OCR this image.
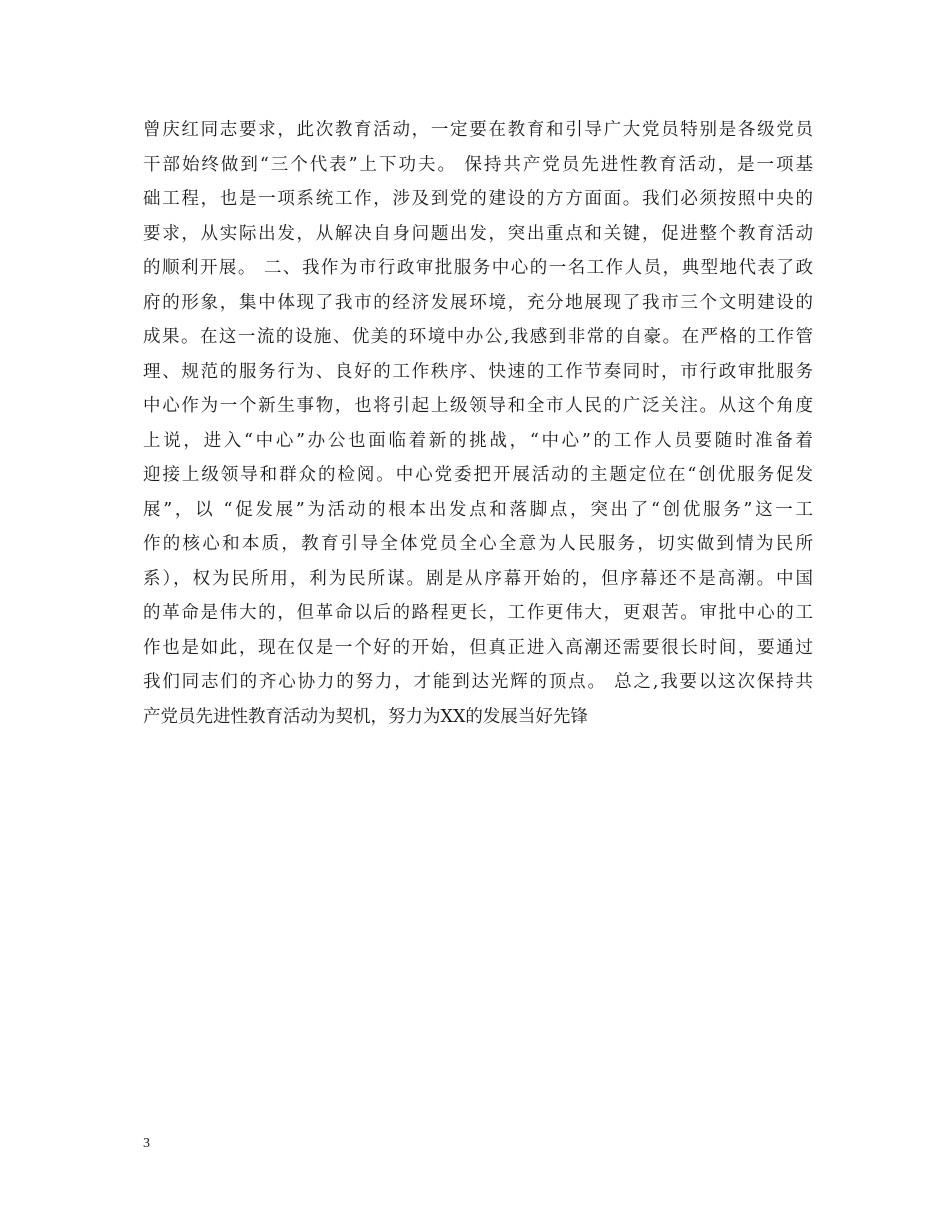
曾庆红同志要求，此次教育活动，一定要在教育和引导广大党员特别是各级党员
干部始终做到“三个代表”上下功夫。 保持共产党员先进性教育活动，是一项基
础工程，也是一项系统工作，涉及到党的建设的方方面面。我们必须按照中央的
要求，从实际出发，从解决自身问题出发，突出重点和关键，促进整个教育活动
的顺利开展。 二、我作为市行政审批服务中心的一名工作人员，典型地代表了政
府的形象，集中体现了我市的经济发展环境，充分地展现了我市三个文明建设的
成果。在这一流的设施、优美的环境中办公,我感到非常的自豪。在严格的工作管
理、规范的服务行为、良好的工作秩序、快速的工作节奏同时，市行政审批服务
中心作为一个新生事物，也将引起上级领导和全市人民的广泛关注。从这个角度
上说，进入“中心”办公也面临着新的挑战，“中心”的工作人员要随时准备着
迎接上级领导和群众的检阅。中心党委把开展活动的主题定位在“创优服务促发
展”，以 “促发展”为活动的根本出发点和落脚点，突出了“创优服务”这一工
作的核心和本质，教育引导全体党员全心全意为人民服务，切实做到情为民所
系），权为民所用，利为民所谋。剧是从序幕开始的，但序幕还不是高潮。中国
的革命是伟大的，但革命以后的路程更长，工作更伟大，更艰苦。审批中心的工
作也是如此，现在仅是一个好的开始，但真正进入高潮还需要很长时间，要通过
我们同志们的齐心协力的努力，才能到达光辉的顶点。 总之,我要以这次保持共
产党员先进性教育活动为契机，努力为XX的发展当好先锋
3
